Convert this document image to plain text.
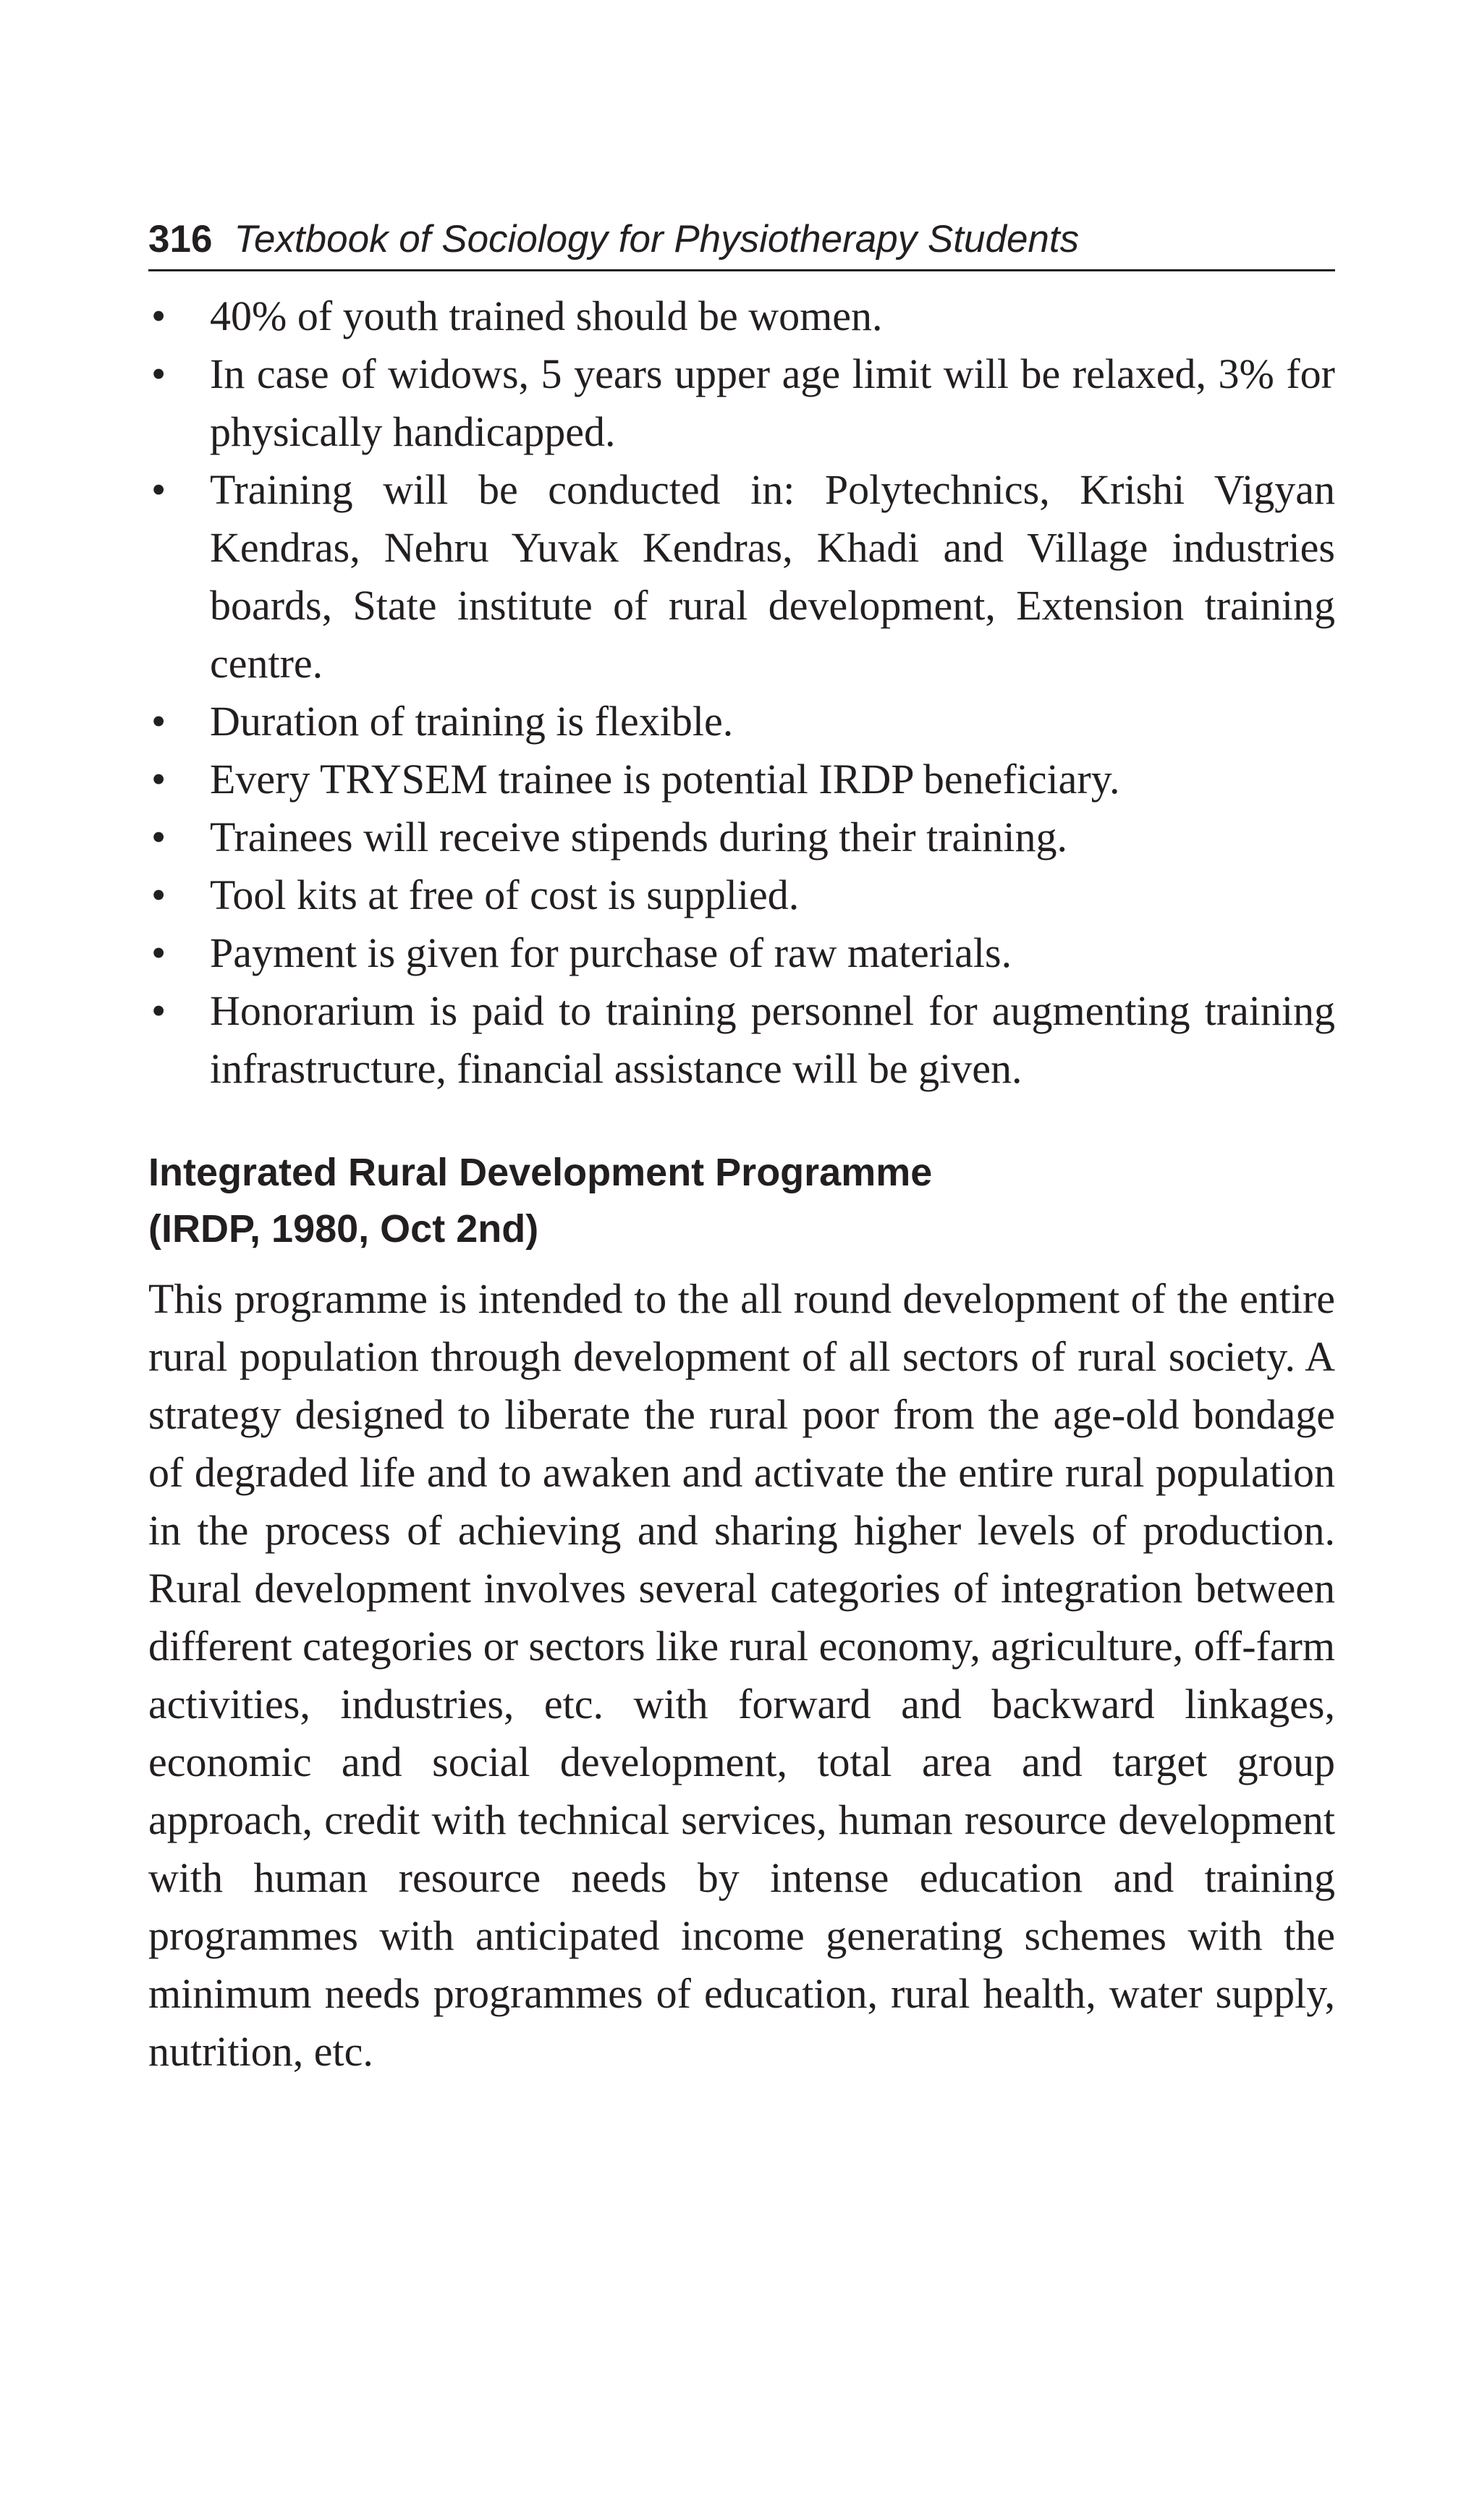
316 Textbook of Sociology for Physiotherapy Students
• 40% of youth trained should be women.
• In case of widows, 5 years upper age limit will be relaxed, 3% for physically handicapped.
• Training will be conducted in: Polytechnics, Krishi Vigyan Kendras, Nehru Yuvak Kendras, Khadi and Village industries boards, State institute of rural development, Extension training centre.
• Duration of training is flexible.
• Every TRYSEM trainee is potential IRDP beneficiary.
• Trainees will receive stipends during their training.
• Tool kits at free of cost is supplied.
• Payment is given for purchase of raw materials.
• Honorarium is paid to training personnel for augmenting training infrastructure, financial assistance will be given.
Integrated Rural Development Programme
(IRDP, 1980, Oct 2nd)

This programme is intended to the all round development of the entire rural population through development of all sectors of rural society. A strategy designed to liberate the rural poor from the age-old bondage of degraded life and to awaken and activate the entire rural population in the process of achieving and sharing higher levels of production. Rural development involves several categories of integration between different categories or sectors like rural economy, agriculture, off-farm activities, industries, etc. with forward and backward linkages, economic and social development, total area and target group approach, credit with technical services, human resource development with human resource needs by intense education and training programmes with anticipated income generating schemes with the minimum needs programmes of education, rural health, water supply, nutrition, etc.
